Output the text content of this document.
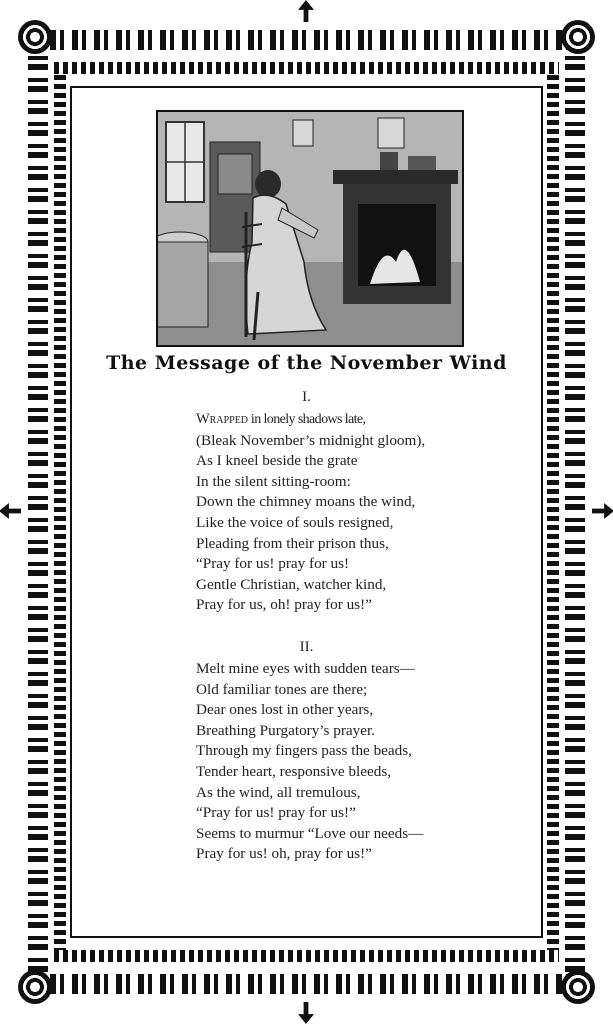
The Message of the November Wind
I.
Wrapped in lonely shadows late,
(Bleak November’s midnight gloom),
As I kneel beside the grate
In the silent sitting-room:
Down the chimney moans the wind,
Like the voice of souls resigned,
Pleading from their prison thus,
“Pray for us! pray for us!
Gentle Christian, watcher kind,
Pray for us, oh! pray for us!”
II.
Melt mine eyes with sudden tears—
Old familiar tones are there;
Dear ones lost in other years,
Breathing Purgatory’s prayer.
Through my fingers pass the beads,
Tender heart, responsive bleeds,
As the wind, all tremulous,
“Pray for us! pray for us!”
Seems to murmur “Love our needs—
Pray for us! oh, pray for us!”
